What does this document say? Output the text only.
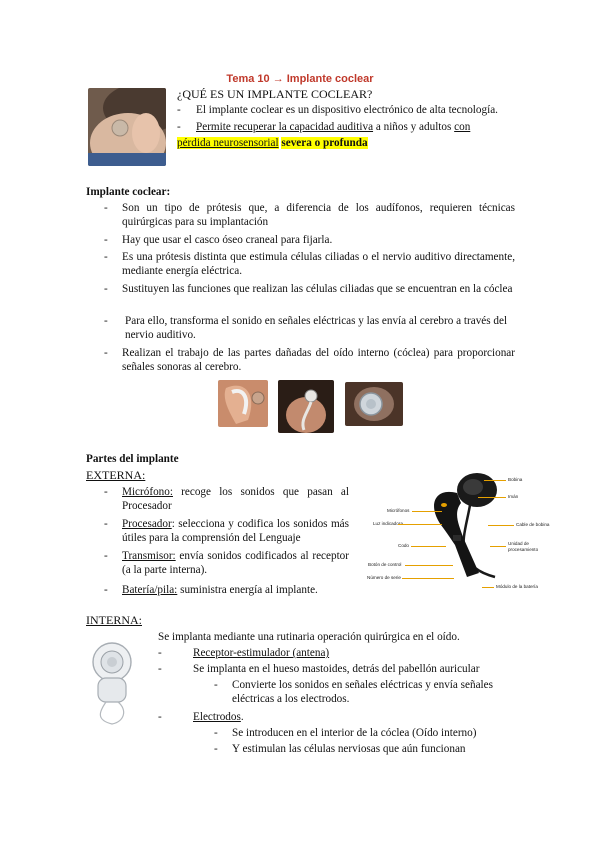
Tema 10 → Implante coclear
¿QUÉ ES UN IMPLANTE COCLEAR?
- El implante coclear es un dispositivo electrónico de alta tecnología.
- Permite recuperar la capacidad auditiva a niños y adultos con
pérdida neurosensorial severa o profunda
Implante coclear:
- Son un tipo de prótesis que, a diferencia de los audífonos, requieren técnicas quirúrgicas para su implantación
- Hay que usar el casco óseo craneal para fijarla.
- Es una prótesis distinta que estimula células ciliadas o el nervio auditivo directamente, mediante energía eléctrica.
- Sustituyen las funciones que realizan las células ciliadas que se encuentran en la cóclea
- Para ello, transforma el sonido en señales eléctricas y las envía al cerebro a través del nervio auditivo.
- Realizan el trabajo de las partes dañadas del oído interno (cóclea) para proporcionar señales sonoras al cerebro.
Partes del implante
EXTERNA:
- Micrófono: recoge los sonidos que pasan al Procesador
- Procesador: selecciona y codifica los sonidos más útiles para la comprensión del Lenguaje
- Transmisor: envía sonidos codificados al receptor (a la parte interna).
- Batería/pila: suministra energía al implante.
Bobina
Imán
Cable de bobina
Unidad de procesamiento
Módulo de la batería
Micrófonos
Luz indicadora
Codo
Botón de control
Número de serie
INTERNA:
Se implanta mediante una rutinaria operación quirúrgica en el oído.
-	Receptor-estimulador (antena)
-	Se implanta en el hueso mastoides, detrás del pabellón auricular
- Convierte los sonidos en señales eléctricas y envía señales eléctricas a los electrodos.
-	Electrodos.
- Se introducen en el interior de la cóclea (Oído interno)
- Y estimulan las células nerviosas que aún funcionan
